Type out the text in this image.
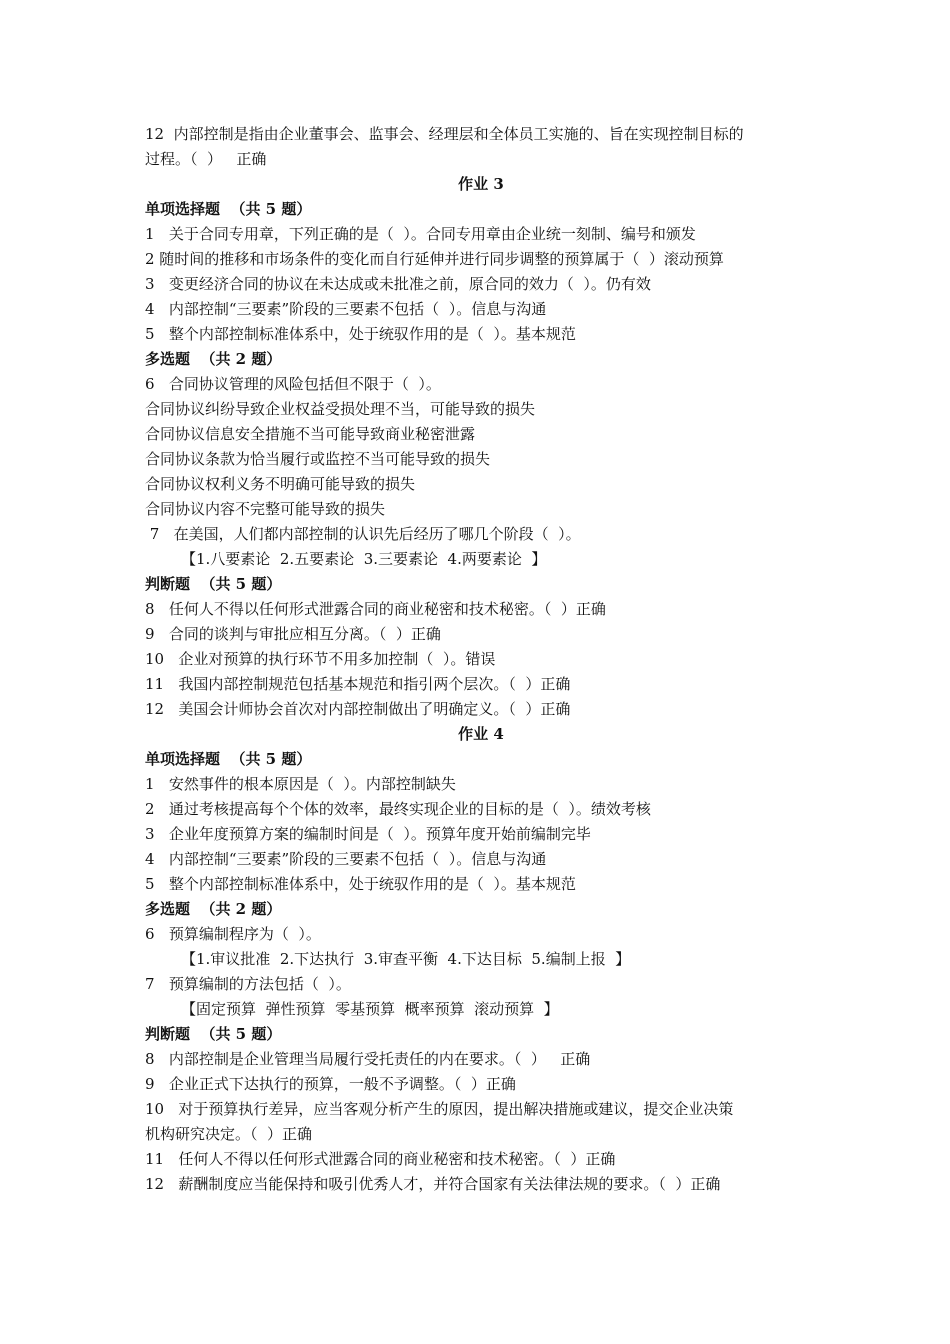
12  内部控制是指由企业董事会、监事会、经理层和全体员工实施的、旨在实现控制目标的
过程。（  ）   正确
作业 3
单项选择题  （共 5 题）
1   关于合同专用章，下列正确的是（  ）。合同专用章由企业统一刻制、编号和颁发
2 随时间的推移和市场条件的变化而自行延伸并进行同步调整的预算属于（  ）滚动预算
3   变更经济合同的协议在未达成或未批准之前，原合同的效力（  ）。仍有效
4   内部控制“三要素”阶段的三要素不包括（  ）。信息与沟通
5   整个内部控制标准体系中，处于统驭作用的是（  ）。基本规范
多选题  （共 2 题）
6   合同协议管理的风险包括但不限于（  ）。
合同协议纠纷导致企业权益受损处理不当，可能导致的损失
合同协议信息安全措施不当可能导致商业秘密泄露
合同协议条款为恰当履行或监控不当可能导致的损失
合同协议权利义务不明确可能导致的损失
合同协议内容不完整可能导致的损失
7   在美国，人们都内部控制的认识先后经历了哪几个阶段（  ）。
【1.八要素论  2.五要素论  3.三要素论  4.两要素论  】
判断题  （共 5 题）
8   任何人不得以任何形式泄露合同的商业秘密和技术秘密。（  ）正确
9   合同的谈判与审批应相互分离。（  ）正确
10   企业对预算的执行环节不用多加控制（  ）。错误
11   我国内部控制规范包括基本规范和指引两个层次。（  ）正确
12   美国会计师协会首次对内部控制做出了明确定义。（  ）正确
作业 4
单项选择题  （共 5 题）
1   安然事件的根本原因是（  ）。内部控制缺失
2   通过考核提高每个个体的效率，最终实现企业的目标的是（  ）。绩效考核
3   企业年度预算方案的编制时间是（  ）。预算年度开始前编制完毕
4   内部控制“三要素”阶段的三要素不包括（  ）。信息与沟通
5   整个内部控制标准体系中，处于统驭作用的是（  ）。基本规范
多选题  （共 2 题）
6   预算编制程序为（  ）。
【1.审议批准  2.下达执行  3.审查平衡  4.下达目标  5.编制上报  】
7   预算编制的方法包括（  ）。
【固定预算  弹性预算  零基预算  概率预算  滚动预算  】
判断题  （共 5 题）
8   内部控制是企业管理当局履行受托责任的内在要求。（  ）   正确
9   企业正式下达执行的预算，一般不予调整。（  ）正确
10   对于预算执行差异，应当客观分析产生的原因，提出解决措施或建议，提交企业决策
机构研究决定。（  ）正确
11   任何人不得以任何形式泄露合同的商业秘密和技术秘密。（  ）正确
12   薪酬制度应当能保持和吸引优秀人才，并符合国家有关法律法规的要求。（  ）正确
